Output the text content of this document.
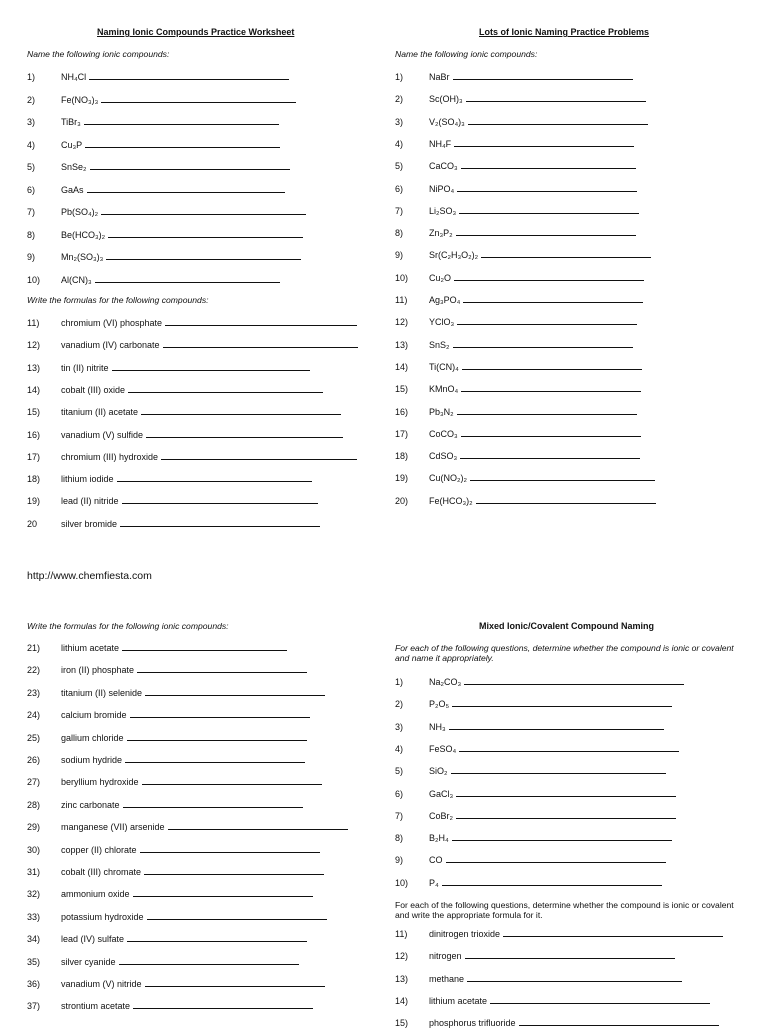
Naming Ionic Compounds Practice Worksheet
Name the following ionic compounds:
1)	NH₄Cl
2)	Fe(NO₃)₃
3)	TiBr₃
4)	Cu₃P
5)	SnSe₂
6)	GaAs
7)	Pb(SO₄)₂
8)	Be(HCO₃)₂
9)	Mn₂(SO₃)₃
10) Al(CN)₃
Write the formulas for the following compounds:
11) chromium (VI) phosphate
12) vanadium (IV) carbonate
13) tin (II) nitrite
14) cobalt (III) oxide
15) titanium (II) acetate
16) vanadium (V) sulfide
17) chromium (III) hydroxide
18) lithium iodide
19) lead (II) nitride
20	silver bromide
Lots of Ionic Naming Practice Problems
Name the following ionic compounds:
1)	NaBr
2)	Sc(OH)₃
3)	V₂(SO₄)₃
4)	NH₄F
5)	CaCO₃
6)	NiPO₄
7)	Li₂SO₃
8)	Zn₃P₂
9)	Sr(C₂H₃O₂)₂
10) Cu₂O
11) Ag₃PO₄
12) YClO₃
13) SnS₂
14) Ti(CN)₄
15) KMnO₄
16) Pb₃N₂
17) CoCO₃
18) CdSO₃
19) Cu(NO₂)₂
20) Fe(HCO₃)₂
http://www.chemfiesta.com
Write the formulas for the following ionic compounds:
21) lithium acetate
22) iron (II) phosphate
23) titanium (II) selenide
24) calcium bromide
25) gallium chloride
26) sodium hydride
27) beryllium hydroxide
28) zinc carbonate
29) manganese (VII) arsenide
30) copper (II) chlorate
31) cobalt (III) chromate
32) ammonium oxide
33) potassium hydroxide
34) lead (IV) sulfate
35) silver cyanide
36) vanadium (V) nitride
37) strontium acetate
Mixed Ionic/Covalent Compound Naming
For each of the following questions, determine whether the compound is ionic or covalent and name it appropriately.
1)	Na₂CO₃
2)	P₂O₅
3)	NH₃
4)	FeSO₄
5)	SiO₂
6)	GaCl₃
7)	CoBr₂
8)	B₂H₄
9)	CO
10) P₄
For each of the following questions, determine whether the compound is ionic or covalent and write the appropriate formula for it.
11) dinitrogen trioxide
12) nitrogen
13) methane
14) lithium acetate
15) phosphorus trifluoride
